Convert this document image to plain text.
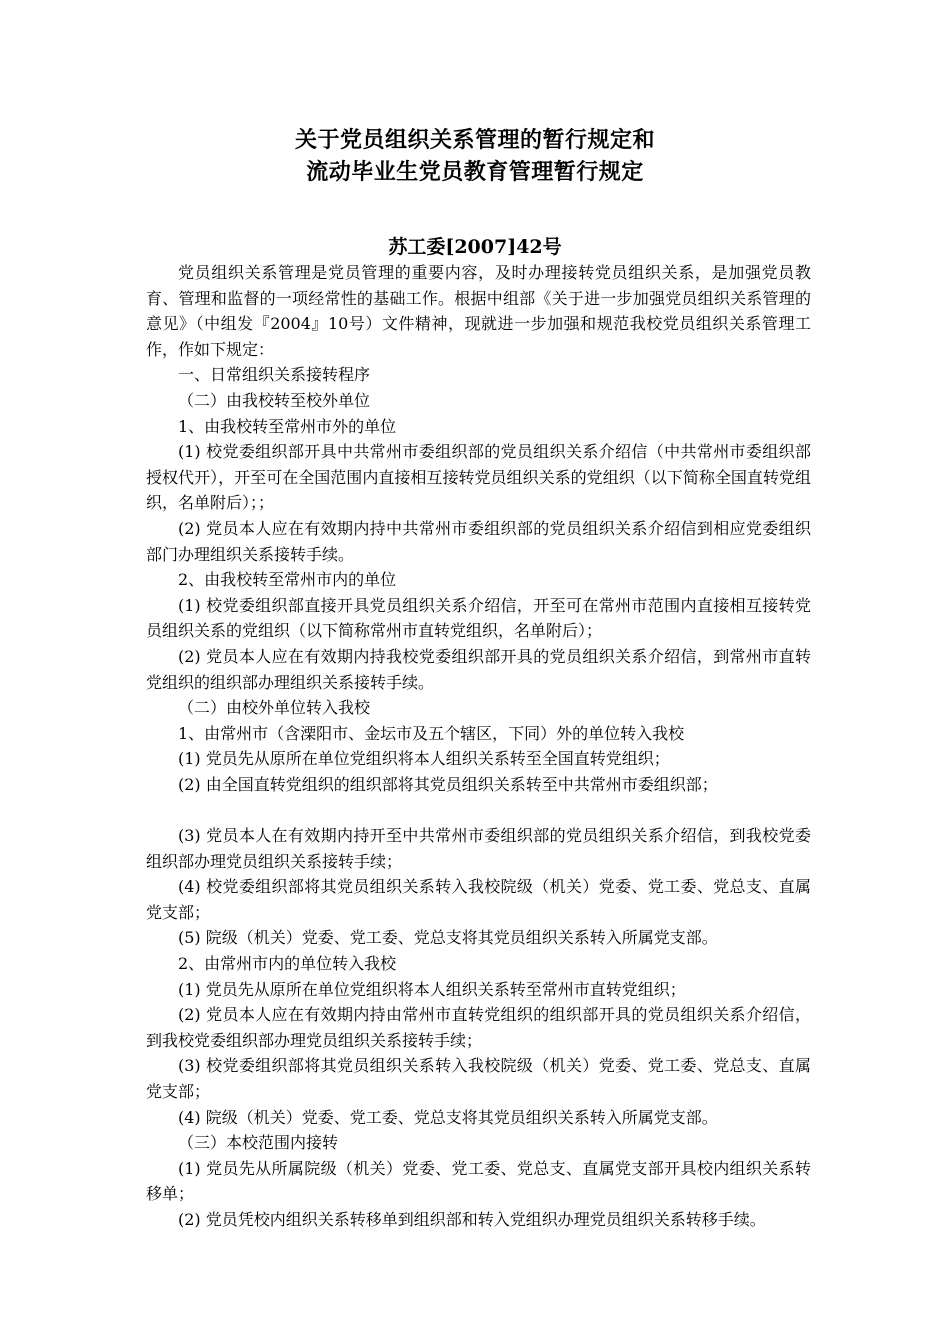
关于党员组织关系管理的暂行规定和
流动毕业生党员教育管理暂行规定
苏工委[2007]42号

党员组织关系管理是党员管理的重要内容，及时办理接转党员组织关系，是加强党员教育、管理和监督的一项经常性的基础工作。根据中组部《关于进一步加强党员组织关系管理的意见》（中组发『2004』10号）文件精神，现就进一步加强和规范我校党员组织关系管理工作，作如下规定：

一、日常组织关系接转程序

（二）由我校转至校外单位

1、由我校转至常州市外的单位

(1) 校党委组织部开具中共常州市委组织部的党员组织关系介绍信（中共常州市委组织部授权代开），开至可在全国范围内直接相互接转党员组织关系的党组织（以下简称全国直转党组织，名单附后）；；

(2) 党员本人应在有效期内持中共常州市委组织部的党员组织关系介绍信到相应党委组织部门办理组织关系接转手续。

2、由我校转至常州市内的单位

(1) 校党委组织部直接开具党员组织关系介绍信，开至可在常州市范围内直接相互接转党员组织关系的党组织（以下简称常州市直转党组织，名单附后）；

(2) 党员本人应在有效期内持我校党委组织部开具的党员组织关系介绍信，到常州市直转党组织的组织部办理组织关系接转手续。

（二）由校外单位转入我校

1、由常州市（含溧阳市、金坛市及五个辖区，下同）外的单位转入我校

(1) 党员先从原所在单位党组织将本人组织关系转至全国直转党组织；

(2) 由全国直转党组织的组织部将其党员组织关系转至中共常州市委组织部；

(3) 党员本人在有效期内持开至中共常州市委组织部的党员组织关系介绍信，到我校党委组织部办理党员组织关系接转手续；

(4) 校党委组织部将其党员组织关系转入我校院级（机关）党委、党工委、党总支、直属党支部；

(5) 院级（机关）党委、党工委、党总支将其党员组织关系转入所属党支部。

2、由常州市内的单位转入我校

(1) 党员先从原所在单位党组织将本人组织关系转至常州市直转党组织；

(2) 党员本人应在有效期内持由常州市直转党组织的组织部开具的党员组织关系介绍信，到我校党委组织部办理党员组织关系接转手续；

(3) 校党委组织部将其党员组织关系转入我校院级（机关）党委、党工委、党总支、直属党支部；

(4) 院级（机关）党委、党工委、党总支将其党员组织关系转入所属党支部。

（三）本校范围内接转

(1) 党员先从所属院级（机关）党委、党工委、党总支、直属党支部开具校内组织关系转移单；

(2) 党员凭校内组织关系转移单到组织部和转入党组织办理党员组织关系转移手续。
